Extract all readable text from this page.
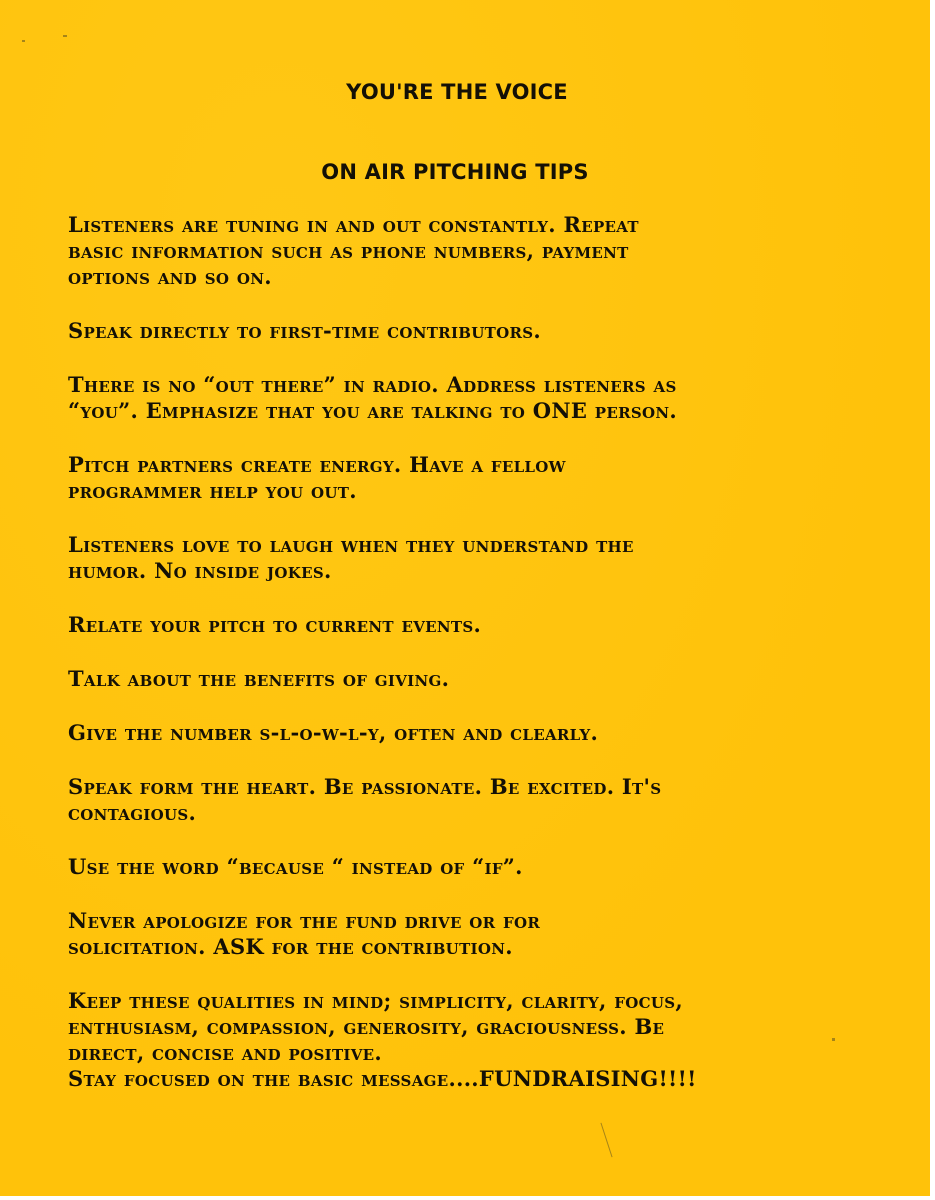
YOU'RE THE VOICE
ON AIR PITCHING TIPS
Listeners are tuning in and out constantly. Repeat
basic information such as phone numbers, payment
options and so on.
Speak directly to first-time contributors.
There is no “out there” in radio. Address listeners as
“you”. Emphasize that you are talking to ONE person.
Pitch partners create energy. Have a fellow
programmer help you out.
Listeners love to laugh when they understand the
humor. No inside jokes.
Relate your pitch to current events.
Talk about the benefits of giving.
Give the number s-l-o-w-l-y, often and clearly.
Speak form the heart. Be passionate. Be excited. It's
contagious.
Use the word “because “ instead of “if”.
Never apologize for the fund drive or for
solicitation. ASK for the contribution.
Keep these qualities in mind; simplicity, clarity, focus,
enthusiasm, compassion, generosity, graciousness. Be
direct, concise and positive.
Stay focused on the basic message....FUNDRAISING!!!!
